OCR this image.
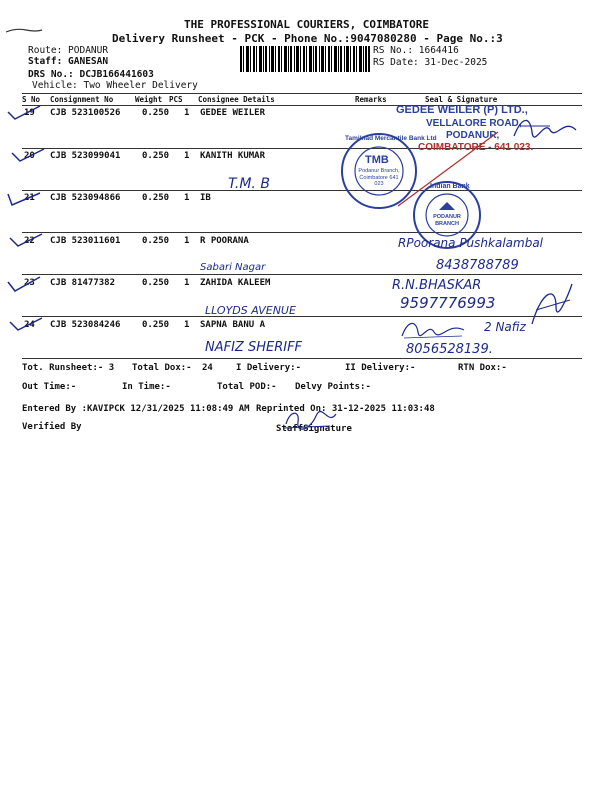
THE PROFESSIONAL COURIERS, COIMBATORE
Delivery Runsheet - PCK - Phone No.:9047080280 - Page No.:3
Route: PODANUR
Staff: GANESAN
DRS No.: DCJB166441603
Vehicle: Two Wheeler Delivery
RS No.: 1664416
RS Date: 31-Dec-2025
S No Consignment No	Weight PCS Consignee Details	Remarks	Seal & Signature
19 CJB 523100526 0.250 1 GEDEE WEILER
20 CJB 523099041 0.250 1 KANITH KUMAR
21 CJB 523094866 0.250 1 IB
22 CJB 523011601 0.250 1 R POORANA
23 CJB 81477382	0.250 1 ZAHIDA KALEEM
24 CJB 523084246 0.250 1 SAPNA BANU A
T.M. B
Sabari Nagar
LLOYDS AVENUE
NAFIZ SHERIFF
GEDEE WEILER (P) LTD.,
VELLALORE ROAD,
PODANUR,
COIMBATORE - 641 023.
Tamilnad Mercantile Bank Ltd
TMB
Podanur Branch, Coimbatore 641 023	Indian Bank
PODANUR BRANCH
RPoorana Pushkalambal
8438788789
R.N.BHASKAR
9597776993
2 Nafiz
8056528139.
Tot. Runsheet:- 3 Total Dox:- 24	I Delivery:-	II Delivery:-	RTN Dox:-
Out Time:-	In Time:-	Total POD:- Delvy Points:-
Entered By :KAVIPCK 12/31/2025 11:08:49 AM Reprinted On: 31-12-2025 11:03:48
Verified By	StaffSignature
